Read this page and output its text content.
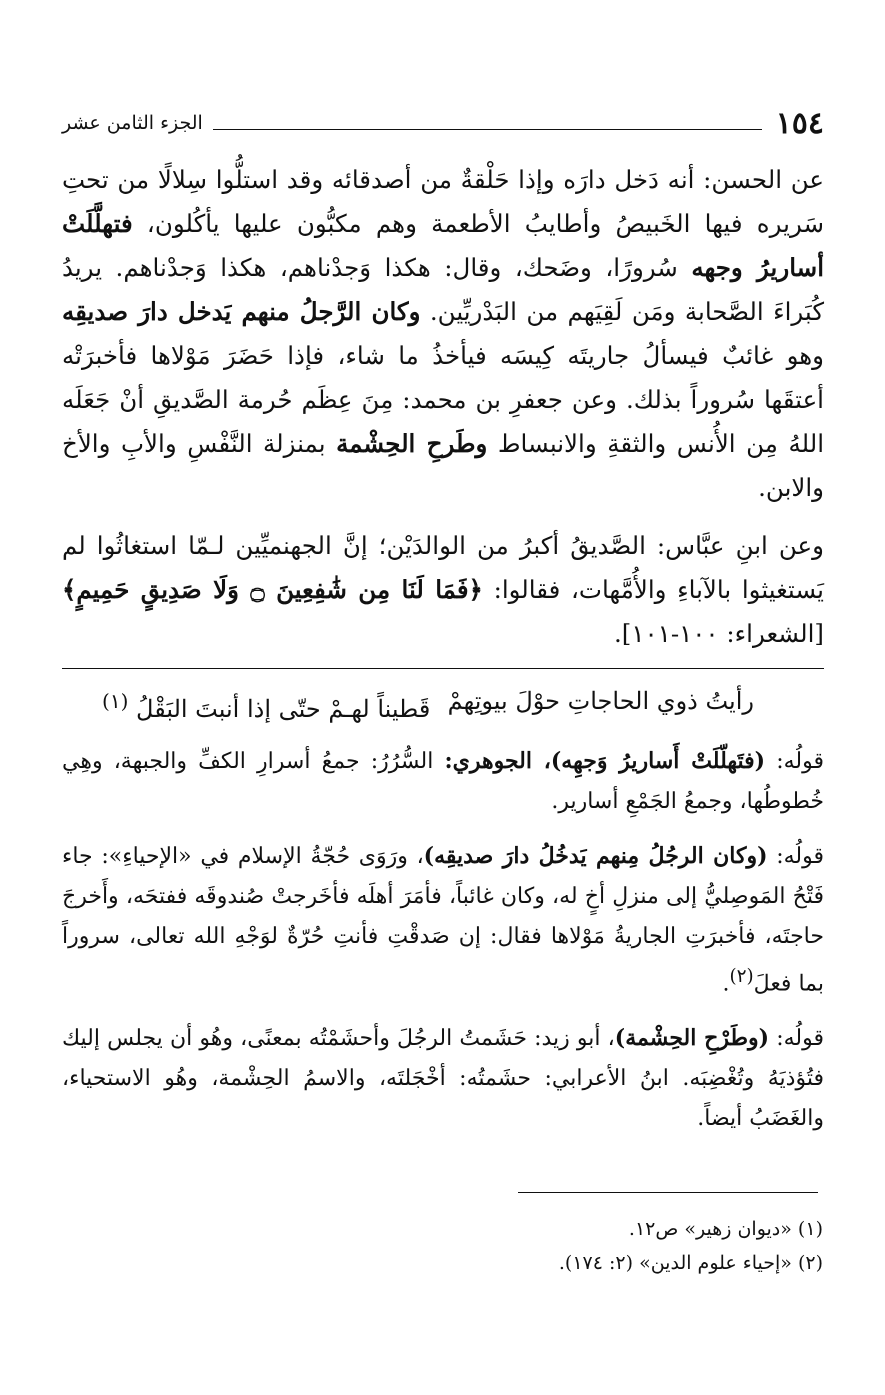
١٥٤
الجزء الثامن عشر

عن الحسن: أنه دَخل دارَه وإذا حَلْقةٌ من أصدقائه وقد استلُّوا سِلالًا من تحتِ سَريره فيها الخَبيصُ وأطايبُ الأطعمة وهم مكبُّون عليها يأكُلون، فتهلَّلَتْ أساريرُ وجهه سُرورًا، وضَحك، وقال: هكذا وَجدْناهم، هكذا وَجدْناهم. يريدُ كُبَراءَ الصَّحابة ومَن لَقِيَهم من البَدْريِّين. وكان الرَّجلُ منهم يَدخل دارَ صديقِه وهو غائبٌ فيسألُ جاريتَه كِيسَه فيأخذُ ما شاء، فإذا حَضَرَ مَوْلاها فأخبرَتْه أعتقَها سُروراً بذلك. وعن جعفرِ بن محمد: مِنَ عِظَم حُرمة الصَّديقِ أنْ جَعَلَه اللهُ مِن الأُنس والثقةِ والانبساط وطَرحِ الحِشْمة بمنزلة النَّفْسِ والأبِ والأخ والابن.

وعن ابنِ عبَّاس: الصَّديقُ أكبرُ من الوالدَيْن؛ إنَّ الجهنميِّين لـمّا استغاثُوا لم يَستغيثوا بالآباءِ والأُمَّهات، فقالوا: ﴿فَمَا لَنَا مِن شَٰفِعِينَ ۝ وَلَا صَدِيقٍ حَمِيمٍ﴾ [الشعراء: ١٠٠-١٠١].

رأيتُ ذوي الحاجاتِ حوْلَ بيوتِهمْ
قَطيناً لهـمْ حتّى إذا أنبتَ البَقْلُ $^{(١)}$

قولُه: (فتَهلّلَتْ أَساريرُ وَجهِه)، الجوهري: السُّرُرُ: جمعُ أسرارِ الكفِّ والجبهة، وهِي خُطوطُها، وجمعُ الجَمْعِ أسارير.

قولُه: (وكان الرجُلُ مِنهم يَدخُلُ دارَ صديقِه)، ورَوَى حُجّةُ الإسلام في «الإحياءِ»: جاء فَتْحُ المَوصِليُّ إلى منزلِ أخٍ له، وكان غائباً، فأمَرَ أهلَه فأخَرجتْ صُندوقَه ففتحَه، وأَخرجَ حاجتَه، فأخبرَتِ الجاريةُ مَوْلاها فقال: إن صَدقْتِ فأنتِ حُرّةٌ لوَجْهِ الله تعالى، سروراً بما فعلَ$^{(٢)}$.

قولُه: (وطَرْحِ الحِشْمة)، أبو زيد: حَشَمتُ الرجُلَ وأحشَمْتُه بمعنًى، وهُو أن يجلس إليك فتُؤذيَهُ وتُغْضِبَه. ابنُ الأعرابي: حشَمتُه: أخْجَلتَه، والاسمُ الحِشْمة، وهُو الاستحياء، والغَضَبُ أيضاً.

(١) «ديوان زهير» ص١٢.
(٢) «إحياء علوم الدين» (٢: ١٧٤).
